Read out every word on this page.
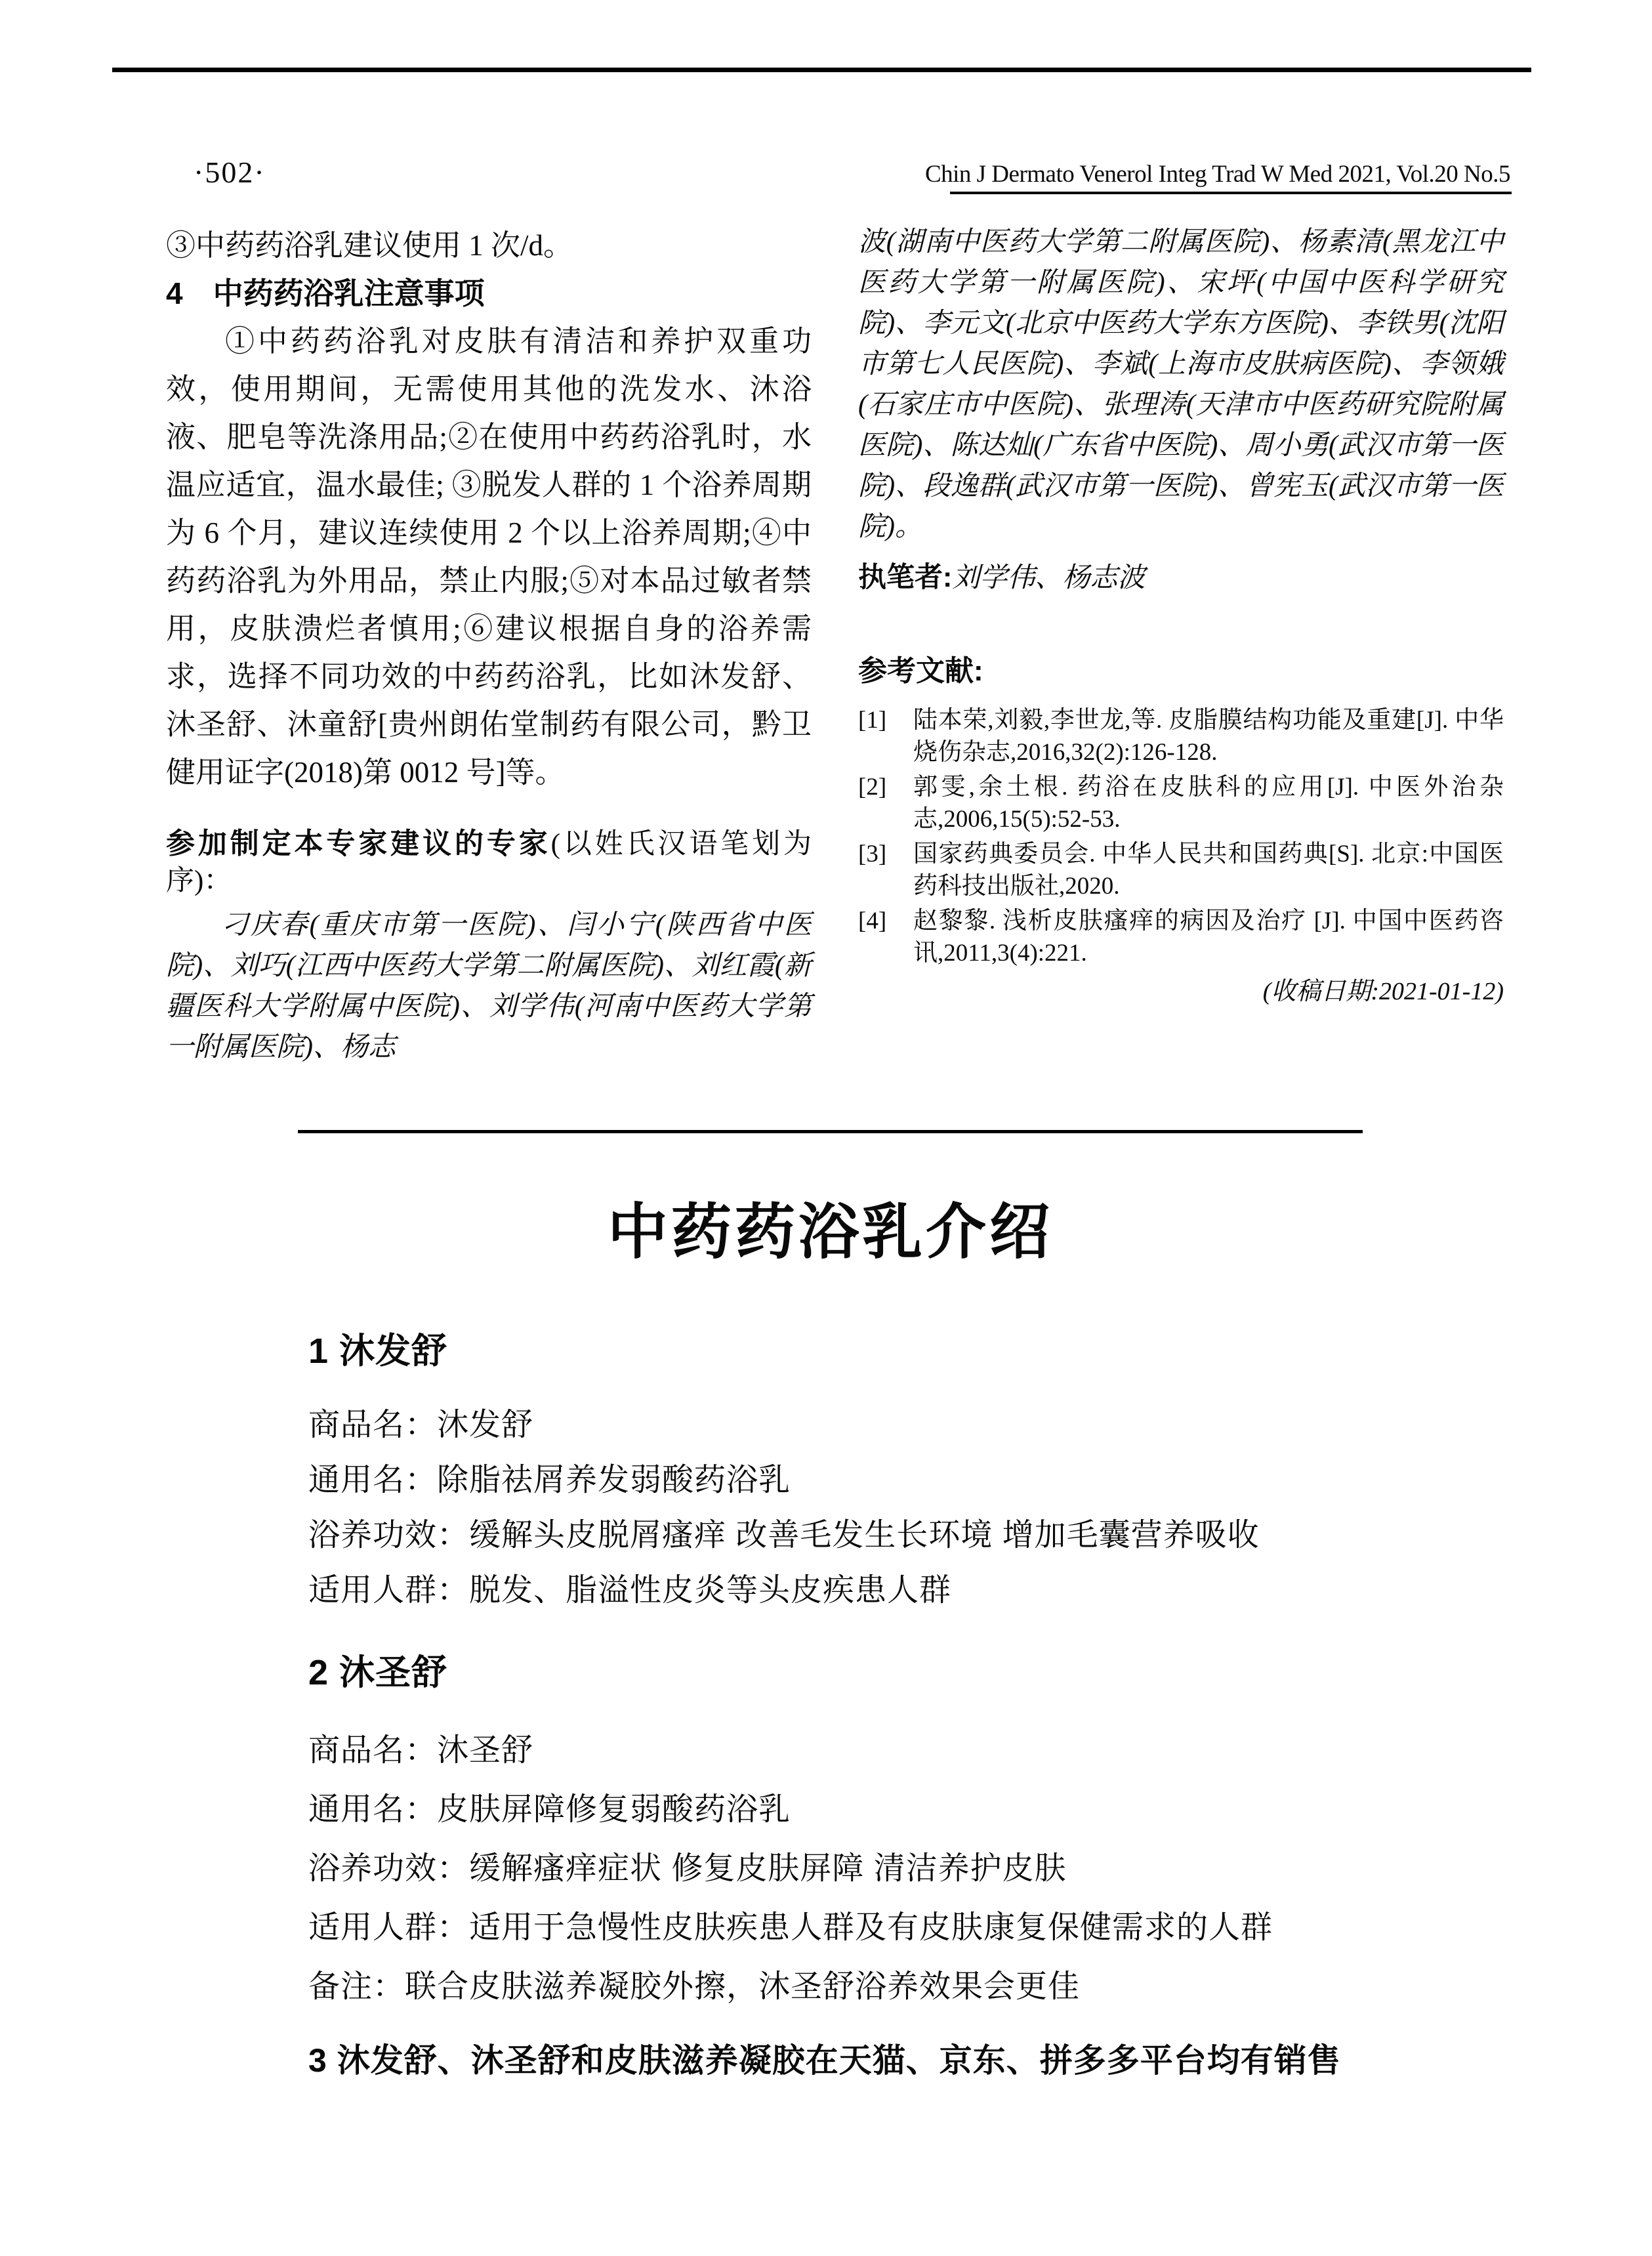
·502·	Chin J Dermato Venerol Integ Trad W Med 2021, Vol.20 No.5

③中药药浴乳建议使用 1 次/d。

4　中药药浴乳注意事项

①中药药浴乳对皮肤有清洁和养护双重功效，使用期间，无需使用其他的洗发水、沐浴液、肥皂等洗涤用品;②在使用中药药浴乳时，水温应适宜，温水最佳; ③脱发人群的 1 个浴养周期为 6 个月，建议连续使用 2 个以上浴养周期;④中药药浴乳为外用品，禁止内服;⑤对本品过敏者禁用，皮肤溃烂者慎用;⑥建议根据自身的浴养需求，选择不同功效的中药药浴乳，比如沐发舒、沐圣舒、沐童舒[贵州朗佑堂制药有限公司，黔卫健用证字(2018)第 0012 号]等。

参加制定本专家建议的专家(以姓氏汉语笔划为序)：

刁庆春(重庆市第一医院)、闫小宁(陕西省中医院)、刘巧(江西中医药大学第二附属医院)、刘红霞(新疆医科大学附属中医院)、刘学伟(河南中医药大学第一附属医院)、杨志

波(湖南中医药大学第二附属医院)、杨素清(黑龙江中医药大学第一附属医院)、宋坪(中国中医科学研究院)、李元文(北京中医药大学东方医院)、李铁男(沈阳市第七人民医院)、李斌(上海市皮肤病医院)、李领娥(石家庄市中医院)、张理涛(天津市中医药研究院附属医院)、陈达灿(广东省中医院)、周小勇(武汉市第一医院)、段逸群(武汉市第一医院)、曾宪玉(武汉市第一医院)。

执笔者:刘学伟、杨志波

参考文献:
[1] 陆本荣,刘毅,李世龙,等. 皮脂膜结构功能及重建[J]. 中华烧伤杂志,2016,32(2):126-128.
[2] 郭雯,余土根. 药浴在皮肤科的应用[J]. 中医外治杂志,2006,15(5):52-53.
[3] 国家药典委员会. 中华人民共和国药典[S]. 北京:中国医药科技出版社,2020.
[4] 赵黎黎. 浅析皮肤瘙痒的病因及治疗 [J]. 中国中医药咨讯,2011,3(4):221.

(收稿日期:2021-01-12)

中药药浴乳介绍
1 沐发舒

商品名：沐发舒

通用名：除脂祛屑养发弱酸药浴乳

浴养功效：缓解头皮脱屑瘙痒 改善毛发生长环境 增加毛囊营养吸收

适用人群：脱发、脂溢性皮炎等头皮疾患人群

2 沐圣舒

商品名：沐圣舒

通用名：皮肤屏障修复弱酸药浴乳

浴养功效：缓解瘙痒症状 修复皮肤屏障 清洁养护皮肤

适用人群：适用于急慢性皮肤疾患人群及有皮肤康复保健需求的人群

备注：联合皮肤滋养凝胶外擦，沐圣舒浴养效果会更佳

3 沐发舒、沐圣舒和皮肤滋养凝胶在天猫、京东、拼多多平台均有销售
